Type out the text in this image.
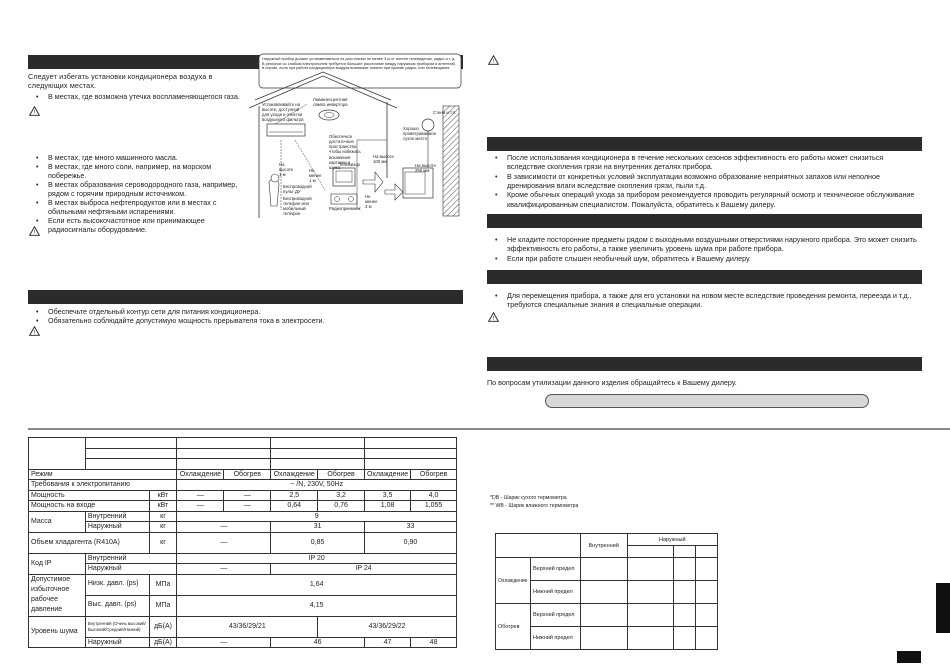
Следует избегать установки кондиционера воздуха в следующих местах.
• В местах, где возможна утечка воспламеняющегося газа.
!
• В местах, где много машинного масла.
• В местах, где много соли, например, на морском побережье.
• В местах образования сероводородного газа, например, рядом с горячим природным источником.
• В местах выброса нефтепродуктов или в местах с обильными нефтяными испарениями.
• Если есть высокочастотное или принимающее радиосигналы оборудование.
!
• Обеспечьте отдельный контур сети для питания кондиционера.
• Обязательно соблюдайте допустимую мощность прерывателя тока в электросети.
!
Наружный прибор должен устанавливаться на расстоянии не менее 3 м от антенн телевидения, радио и т. д. В регионах со слабым электрополем требуется большее расстояние между наружным прибором и антенной, в случае, если при работе кондиционера воздуха возникают помехи при приеме радио- или телевещания.
Устанавливайте на высоте, доступной для ухода и очистки воздушного фильтра
Люминесцентная лампа инвертора
Обеспечьте достаточное пространство, чтобы избежать искажения картинки и шума.
Стена и т.п.
Хорошо проветриваемое сухое место
На высоте 100 мм
На высоте 250 мм
На высоте 1 м
Не менее 1 м
Телевизор
Беспроводной пульт ДУ
Радиоприемник
Беспроводной телефон или мобильный телефон
Не менее 3 м
!
• После использования кондиционера в течение нескольких сезонов эффективность его работы может снизиться вследствие скопления грязи на внутренних деталях прибора.
• В зависимости от конкретных условий эксплуатации возможно образование неприятных запахов или неполное дренирования влаги вследствие скопления грязи, пыли т.д.
• Кроме обычных операций ухода за прибором рекомендуется проводить регулярный осмотр и техническое обслуживание квалифицированным специалистом. Пожалуйста, обратитесь к Вашему дилеру.
• Не кладите посторонние предметы рядом с выходными воздушными отверстиями наружного прибора. Это может снизить эффективность его работы, а также увеличить уровень шума при работе прибора.
• Если при работе слышен необычный шум, обратитесь к Вашему дилеру.
• Для перемещения прибора, а также для его установки на новом месте вследствие проведения ремонта, переезда и т.д., требуются специальные знания и специальные операции.
!
По вопросам утилизации данного изделия обращайтесь к Вашему дилеру.

Режим			Охлаждение	Обогрев	Охлаждение	Обогрев	Охлаждение	Обогрев
Требования к электропитанию			~ /N, 230V, 50Hz					
Мощность		кВт	—	—	2,5	3,2	3,5	4,0
Мощность на входе		кВт	—	—	0,64	0,76	1,08	1,055
Масса	Внутренний	кг	9					
	Наружный	кг	—		31		33	
Объем хладагента (R410A)		кг	—		0,85		0,90	
Код IP	Внутренний		IP 20					
	Наружный		—		IP 24			
Допустимое избыточное рабочее давление	Низк. давл. (ps)	МПа	1,64					
	Выс. давл. (ps)	МПа	4,15					
Уровень шума	Внутренний (Очень высокий/Высокий/Средний/Низкий)	дБ(A)	43/36/29/21			43/36/29/22		
	Наружный	дБ(A)	—		46		47	48
*DB - Шарик сухого термометра
** WB - Шарик влажного термометра
		Внутренний	Наружный		

Охлаждение	Верхний предел				
	Нижний предел				
Обогрев	Верхний предел				
	Нижний предел				
